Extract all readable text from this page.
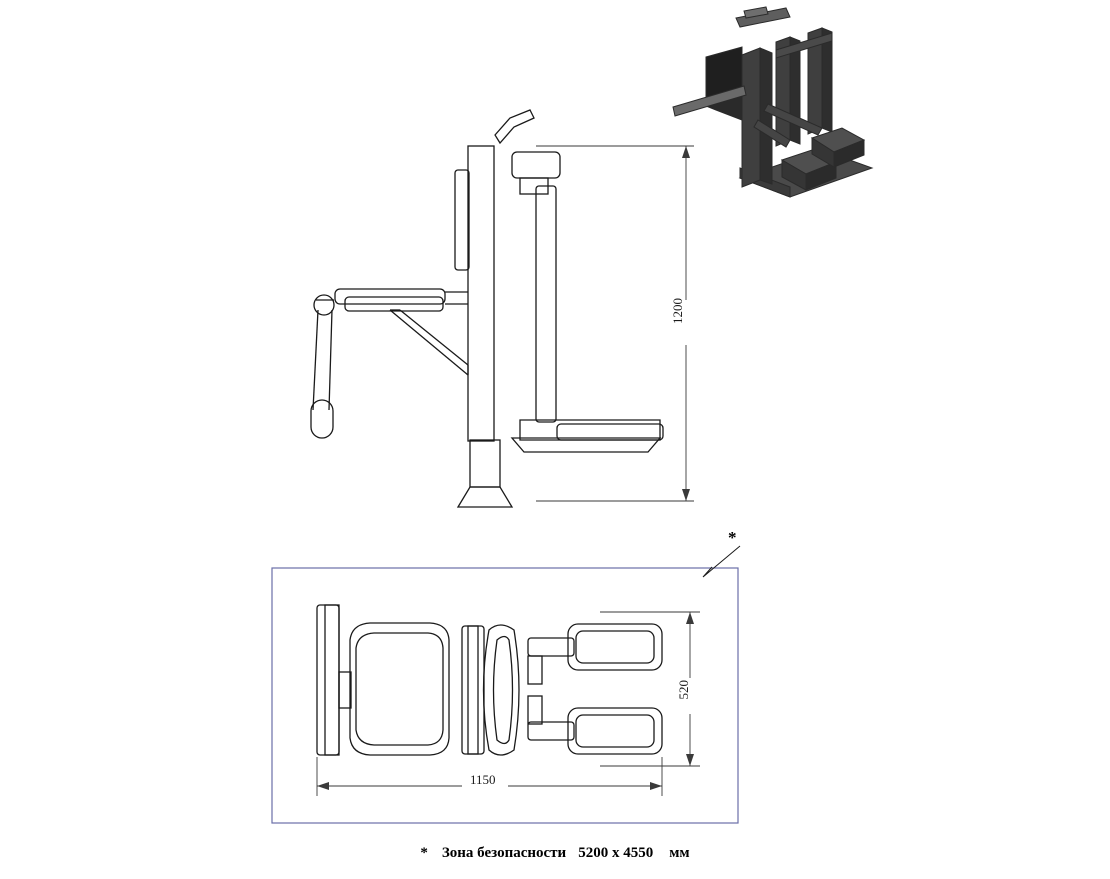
1200
1150
520
*
* Зона безопасности 5200 x 4550 мм
